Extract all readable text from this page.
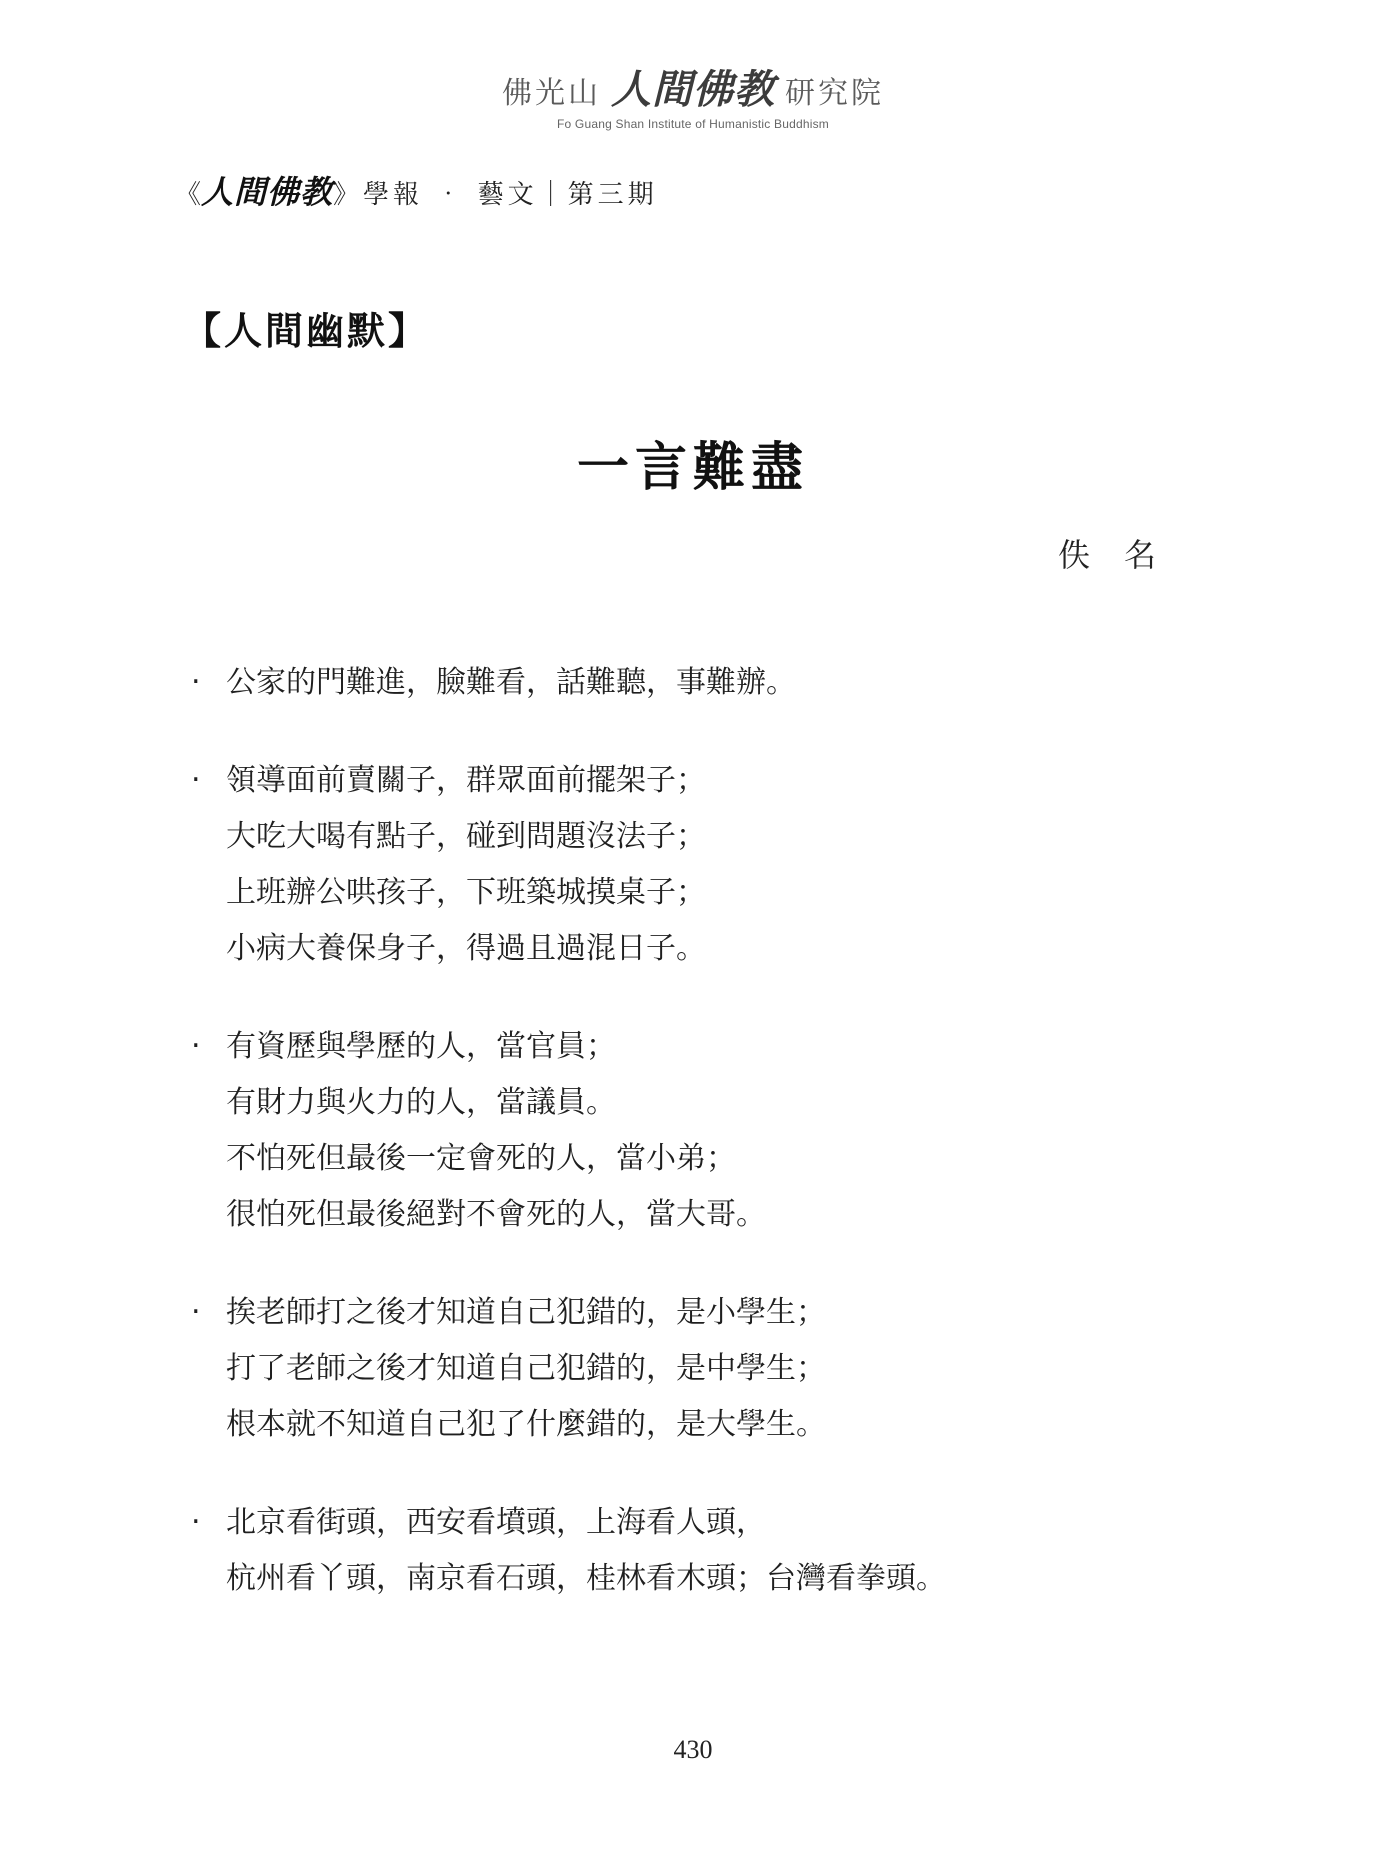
佛光山 人間佛教 研究院
Fo Guang Shan Institute of Humanistic Buddhism
《 人間佛教 》 學報 ‧ 藝文｜第三期
【人間幽默】
一言難盡
佚名
‧ 公家的門難進，臉難看，話難聽，事難辦。
‧ 領導面前賣關子，群眾面前擺架子；
大吃大喝有點子，碰到問題沒法子；
上班辦公哄孩子，下班築城摸桌子；
小病大養保身子，得過且過混日子。
‧ 有資歷與學歷的人，當官員；
有財力與火力的人，當議員。
不怕死但最後一定會死的人，當小弟；
很怕死但最後絕對不會死的人，當大哥。
‧ 挨老師打之後才知道自己犯錯的，是小學生；
打了老師之後才知道自己犯錯的，是中學生；
根本就不知道自己犯了什麼錯的，是大學生。
‧ 北京看街頭，西安看墳頭，上海看人頭，
杭州看丫頭，南京看石頭，桂林看木頭；台灣看拳頭。
430
